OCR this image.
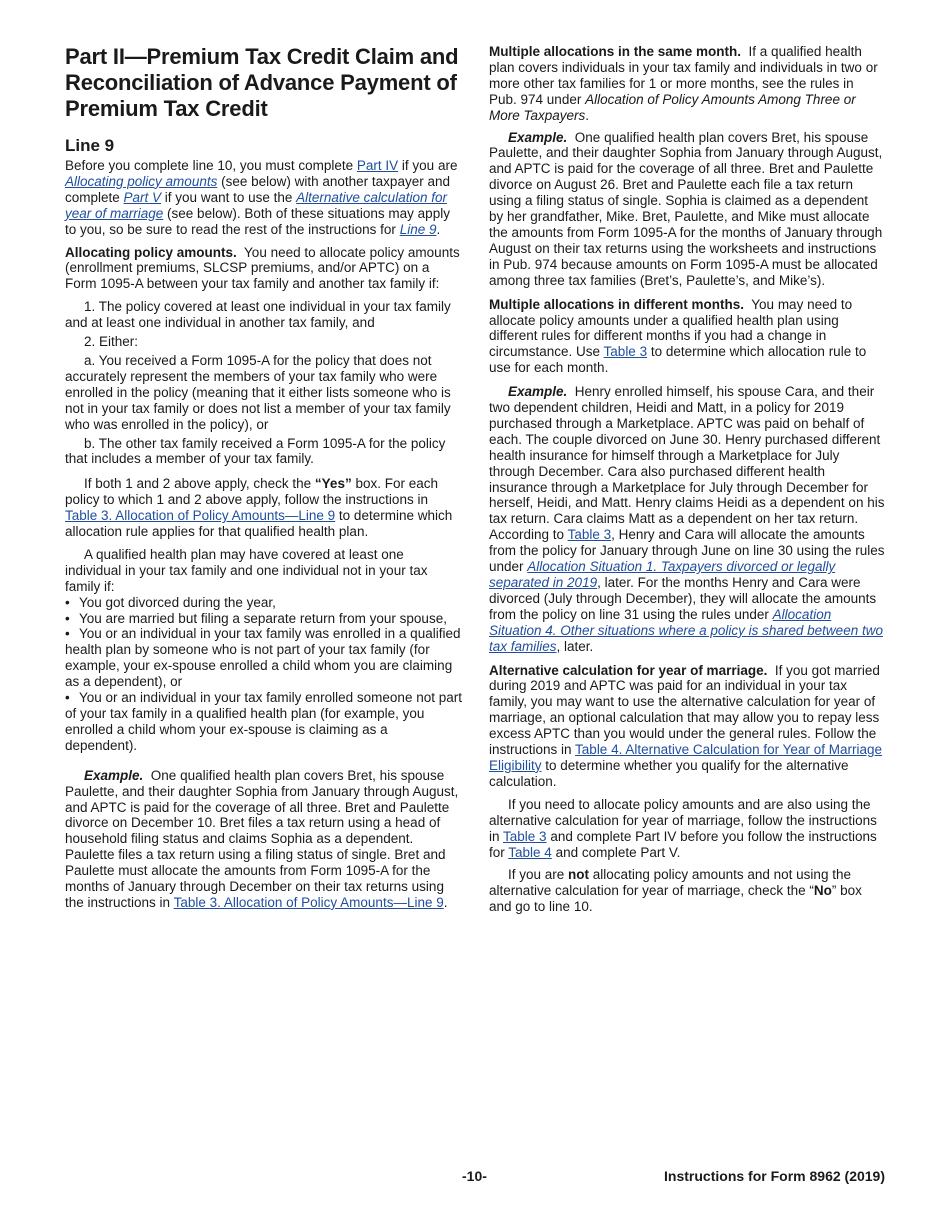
Part II—Premium Tax Credit Claim and Reconciliation of Advance Payment of Premium Tax Credit
Line 9

Before you complete line 10, you must complete Part IV if you are Allocating policy amounts (see below) with another taxpayer and complete Part V if you want to use the Alternative calculation for year of marriage (see below). Both of these situations may apply to you, so be sure to read the rest of the instructions for Line 9.

Allocating policy amounts. You need to allocate policy amounts (enrollment premiums, SLCSP premiums, and/or APTC) on a Form 1095-A between your tax family and another tax family if:

1. The policy covered at least one individual in your tax family and at least one individual in another tax family, and

2. Either:

a. You received a Form 1095-A for the policy that does not accurately represent the members of your tax family who were enrolled in the policy (meaning that it either lists someone who is not in your tax family or does not list a member of your tax family who was enrolled in the policy), or

b. The other tax family received a Form 1095-A for the policy that includes a member of your tax family.

If both 1 and 2 above apply, check the “Yes” box. For each policy to which 1 and 2 above apply, follow the instructions in Table 3. Allocation of Policy Amounts—Line 9 to determine which allocation rule applies for that qualified health plan.

A qualified health plan may have covered at least one individual in your tax family and one individual not in your tax family if:

• You got divorced during the year,
• You are married but filing a separate return from your spouse,
• You or an individual in your tax family was enrolled in a qualified health plan by someone who is not part of your tax family (for example, your ex-spouse enrolled a child whom you are claiming as a dependent), or
• You or an individual in your tax family enrolled someone not part of your tax family in a qualified health plan (for example, you enrolled a child whom your ex-spouse is claiming as a dependent).

Example. One qualified health plan covers Bret, his spouse Paulette, and their daughter Sophia from January through August, and APTC is paid for the coverage of all three. Bret and Paulette divorce on December 10. Bret files a tax return using a head of household filing status and claims Sophia as a dependent. Paulette files a tax return using a filing status of single. Bret and Paulette must allocate the amounts from Form 1095-A for the months of January through December on their tax returns using the instructions in Table 3. Allocation of Policy Amounts—Line 9.

Multiple allocations in the same month. If a qualified health plan covers individuals in your tax family and individuals in two or more other tax families for 1 or more months, see the rules in Pub. 974 under Allocation of Policy Amounts Among Three or More Taxpayers.

Example. One qualified health plan covers Bret, his spouse Paulette, and their daughter Sophia from January through August, and APTC is paid for the coverage of all three. Bret and Paulette divorce on August 26. Bret and Paulette each file a tax return using a filing status of single. Sophia is claimed as a dependent by her grandfather, Mike. Bret, Paulette, and Mike must allocate the amounts from Form 1095-A for the months of January through August on their tax returns using the worksheets and instructions in Pub. 974 because amounts on Form 1095-A must be allocated among three tax families (Bret’s, Paulette’s, and Mike’s).

Multiple allocations in different months. You may need to allocate policy amounts under a qualified health plan using different rules for different months if you had a change in circumstance. Use Table 3 to determine which allocation rule to use for each month.

Example. Henry enrolled himself, his spouse Cara, and their two dependent children, Heidi and Matt, in a policy for 2019 purchased through a Marketplace. APTC was paid on behalf of each. The couple divorced on June 30. Henry purchased different health insurance for himself through a Marketplace for July through December. Cara also purchased different health insurance through a Marketplace for July through December for herself, Heidi, and Matt. Henry claims Heidi as a dependent on his tax return. Cara claims Matt as a dependent on her tax return. According to Table 3, Henry and Cara will allocate the amounts from the policy for January through June on line 30 using the rules under Allocation Situation 1. Taxpayers divorced or legally separated in 2019, later. For the months Henry and Cara were divorced (July through December), they will allocate the amounts from the policy on line 31 using the rules under Allocation Situation 4. Other situations where a policy is shared between two tax families, later.

Alternative calculation for year of marriage. If you got married during 2019 and APTC was paid for an individual in your tax family, you may want to use the alternative calculation for year of marriage, an optional calculation that may allow you to repay less excess APTC than you would under the general rules. Follow the instructions in Table 4. Alternative Calculation for Year of Marriage Eligibility to determine whether you qualify for the alternative calculation.

If you need to allocate policy amounts and are also using the alternative calculation for year of marriage, follow the instructions in Table 3 and complete Part IV before you follow the instructions for Table 4 and complete Part V.

If you are not allocating policy amounts and not using the alternative calculation for year of marriage, check the “No” box and go to line 10.

-10-	Instructions for Form 8962 (2019)
